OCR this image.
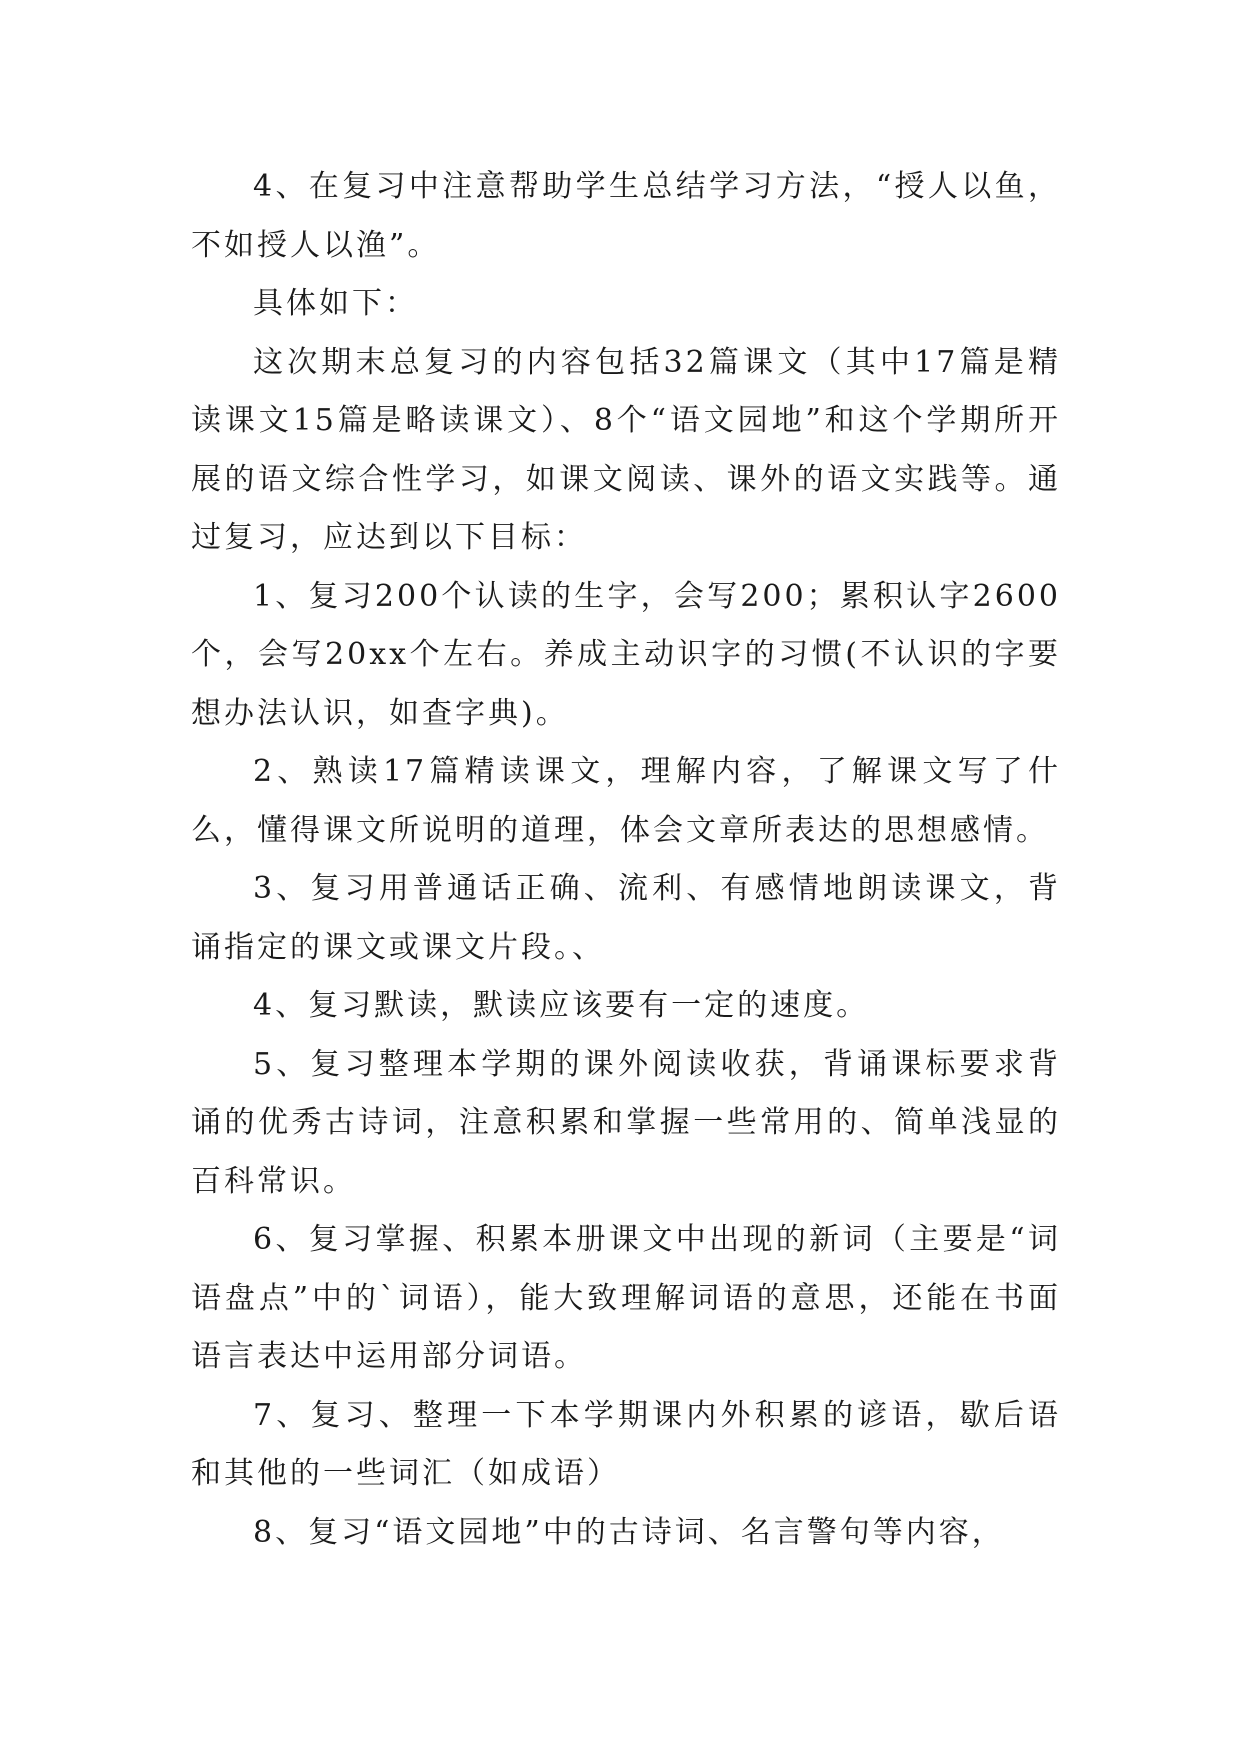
4、在复习中注意帮助学生总结学习方法，“授人以鱼，不如授人以渔”。

具体如下：

这次期末总复习的内容包括32篇课文（其中17篇是精读课文15篇是略读课文）、8个“语文园地”和这个学期所开展的语文综合性学习，如课文阅读、课外的语文实践等。通过复习，应达到以下目标：

1、复习200个认读的生字，会写200；累积认字2600个，会写20xx个左右。养成主动识字的习惯(不认识的字要想办法认识，如查字典)。

2、熟读17篇精读课文，理解内容，了解课文写了什么，懂得课文所说明的道理，体会文章所表达的思想感情。

3、复习用普通话正确、流利、有感情地朗读课文，背诵指定的课文或课文片段。、

4、复习默读，默读应该要有一定的速度。

5、复习整理本学期的课外阅读收获，背诵课标要求背诵的优秀古诗词，注意积累和掌握一些常用的、简单浅显的百科常识。

6、复习掌握、积累本册课文中出现的新词（主要是“词语盘点”中的`词语），能大致理解词语的意思，还能在书面语言表达中运用部分词语。

7、复习、整理一下本学期课内外积累的谚语，歇后语和其他的一些词汇（如成语）

8、复习“语文园地”中的古诗词、名言警句等内容，
